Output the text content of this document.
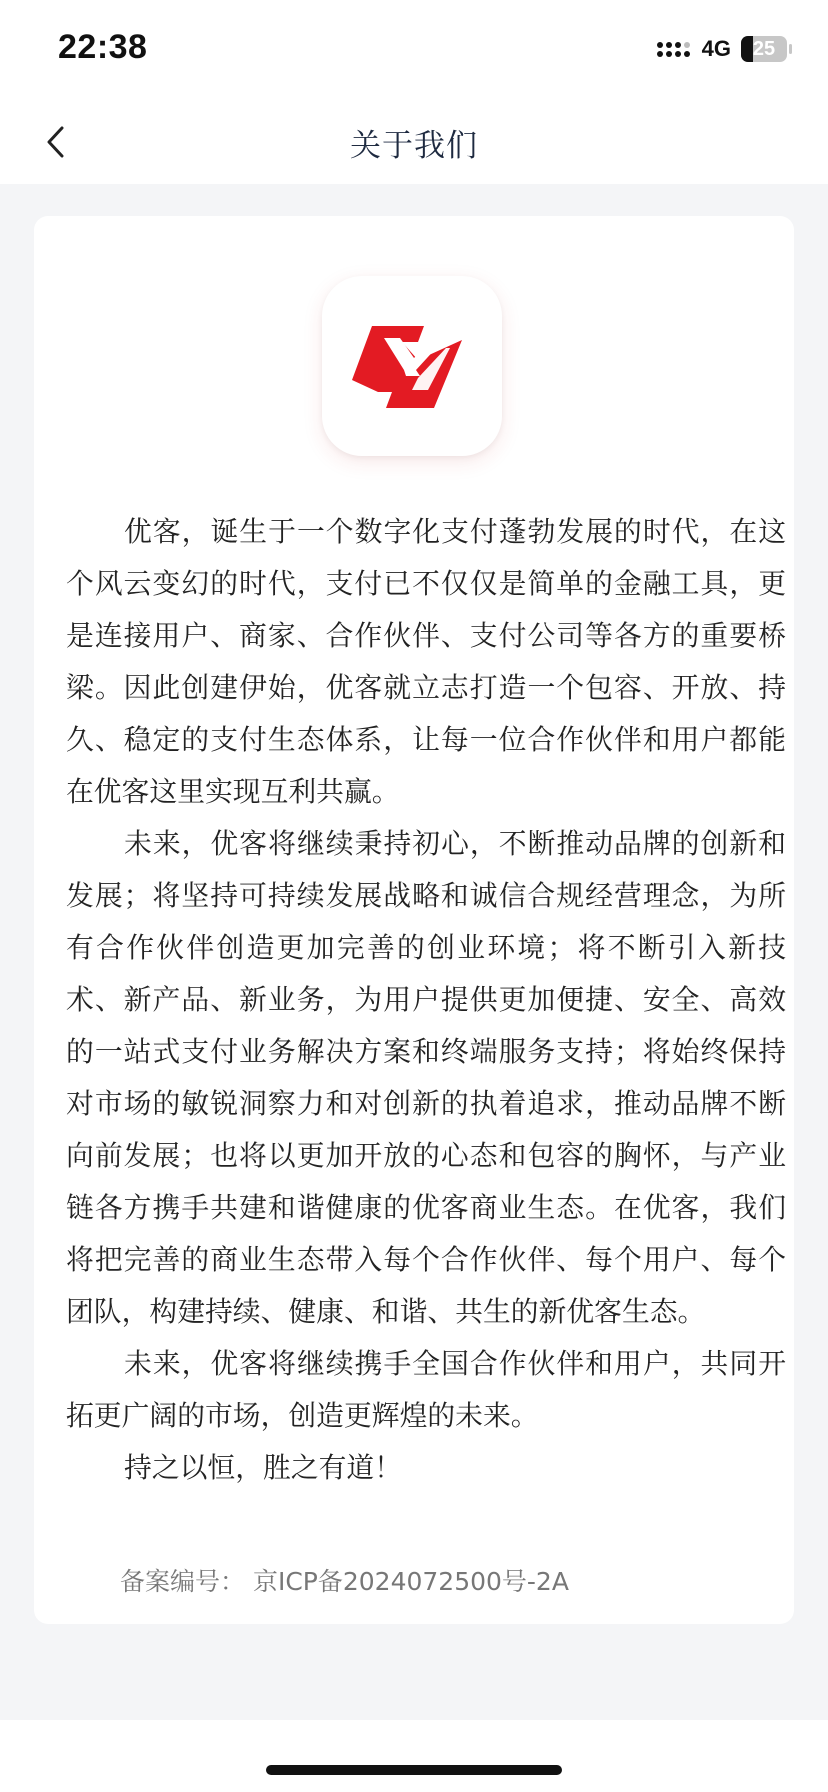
22:38	4G	25
关于我们

优客，诞生于一个数字化支付蓬勃发展的时代，在这个风云变幻的时代，支付已不仅仅是简单的金融工具，更是连接用户、商家、合作伙伴、支付公司等各方的重要桥梁。因此创建伊始，优客就立志打造一个包容、开放、持久、稳定的支付生态体系，让每一位合作伙伴和用户都能在优客这里实现互利共赢。

未来，优客将继续秉持初心，不断推动品牌的创新和发展；将坚持可持续发展战略和诚信合规经营理念，为所有合作伙伴创造更加完善的创业环境；将不断引入新技术、新产品、新业务，为用户提供更加便捷、安全、高效的一站式支付业务解决方案和终端服务支持；将始终保持对市场的敏锐洞察力和对创新的执着追求，推动品牌不断向前发展；也将以更加开放的心态和包容的胸怀，与产业链各方携手共建和谐健康的优客商业生态。在优客，我们将把完善的商业生态带入每个合作伙伴、每个用户、每个团队，构建持续、健康、和谐、共生的新优客生态。

未来，优客将继续携手全国合作伙伴和用户，共同开拓更广阔的市场，创造更辉煌的未来。

持之以恒，胜之有道！

备案编号： 京ICP备2024072500号-2A
